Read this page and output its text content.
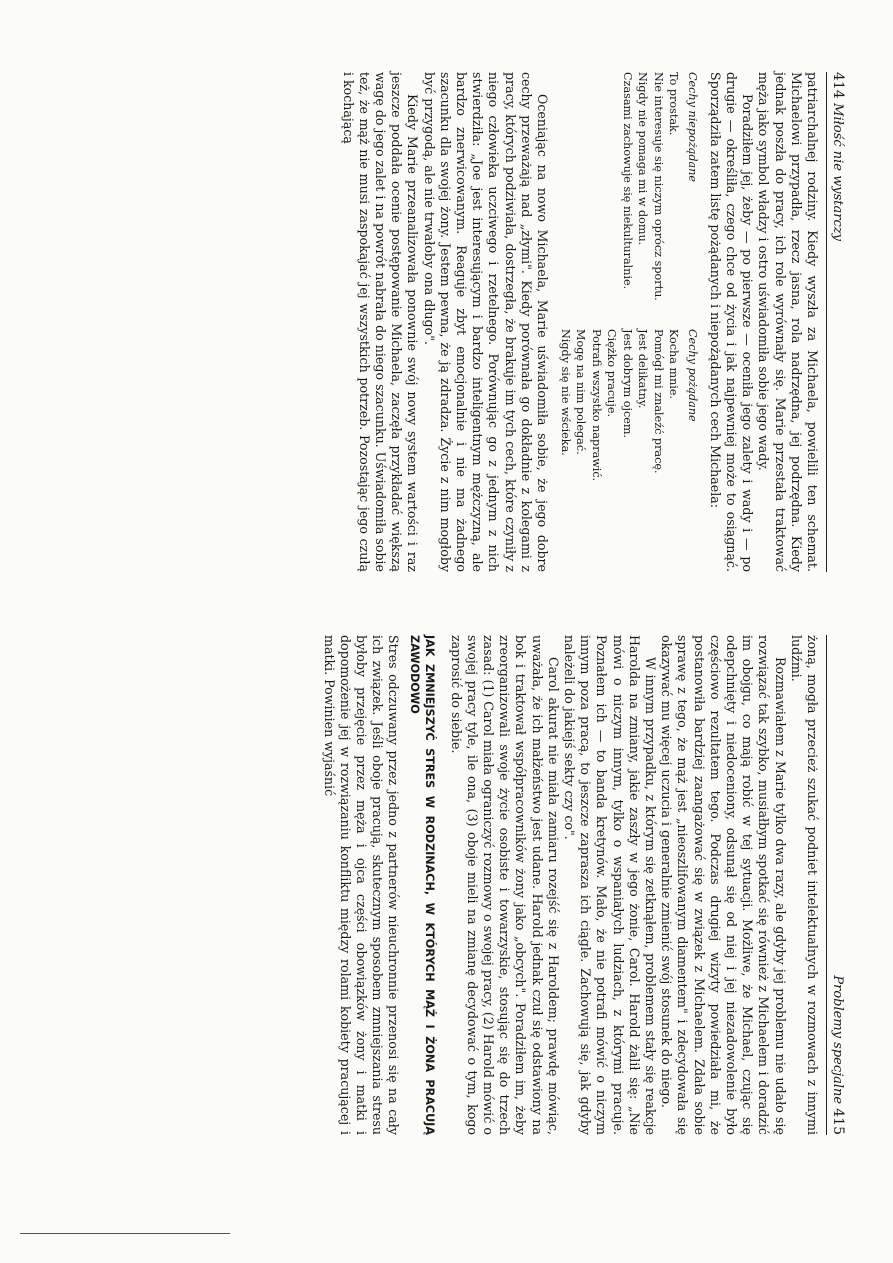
414 Miłość nie wystarczy

patriarchalnej rodziny. Kiedy wyszła za Michaela, powielili ten schemat. Michaelowi przypadła, rzecz jasna, rola nadrzędna, jej podrzędna. Kiedy jednak poszła do pracy, ich role wyrównały się. Marie przestała traktować męża jako symbol władzy i ostro uświadomiła sobie jego wady.

Poradziłem jej, żeby — po pierwsze — oceniła jego zalety i wady i — po drugie — określiła, czego chce od życia i jak najpewniej może to osiągnąć. Sporządziła zatem listę pożądanych i niepożądanych cech Michaela:

Cechy niepożądane
To prostak.
Nie interesuje się niczym oprócz sportu.
Nigdy nie pomaga mi w domu.
Czasami zachowuje się niekulturalnie.
Cechy pożądane
Kocha mnie.
Pomógł mi znaleźć pracę.
Jest delikatny.
Jest dobrym ojcem.
Ciężko pracuje.
Potrafi wszystko naprawić.
Mogę na nim polegać.
Nigdy się nie wścieka.

Oceniając na nowo Michaela, Marie uświadomiła sobie, że jego dobre cechy przeważają nad „złymi". Kiedy porównała go dokładnie z kolegami z pracy, których podziwiała, dostrzegła, że brakuje im tych cech, które czyniły z niego człowieka uczciwego i rzetelnego. Porównując go z jednym z nich stwierdziła: „Joe jest interesującym i bardzo inteligentnym mężczyzną, ale bardzo znerwicowanym. Reaguje zbyt emocjonalnie i nie ma żadnego szacunku dla swojej żony. Jestem pewna, że ją zdradza. Życie z nim mogłoby być przygodą, ale nie trwałoby ona długo".

Kiedy Marie przeanalizowała ponownie swój nowy system wartości i raz jeszcze poddała ocenie postępowanie Michaela, zaczęła przykładać większą wagę do jego zalet i na powrót nabrała do niego szacunku. Uświadomiła sobie też, że mąż nie musi zaspokajać jej wszystkich potrzeb. Pozostając jego czułą i kochającą

Problemy specjalne 415

żoną, mogła przecież szukać podniet intelektualnych w rozmowach z innymi ludźmi.

Rozmawiałem z Marie tylko dwa razy, ale gdyby jej problemu nie udało się rozwiązać tak szybko, musiałbym spotkać się również z Michaelem i doradzić im obojgu, co mają robić w tej sytuacji. Możliwe, że Michael, czując się odepchnięty i niedoceniony, odsunął się od niej i jej niezadowolenie było częściowo rezultatem tego. Podczas drugiej wizyty powiedziała mi, że postanowiła bardziej zaangażować się w związek z Michaelem. Zdała sobie sprawę z tego, że mąż jest „nieoszlifowanym diamentem" i zdecydowała się okazywać mu więcej uczucia i generalnie zmienić swój stosunek do niego.

W innym przypadku, z którym się zetknąłem, problemem stały się reakcje Harolda na zmiany, jakie zaszły w jego żonie, Carol. Harold żalił się: „Nie mówi o niczym innym, tylko o wspaniałych ludziach, z którymi pracuje. Poznałem ich — to banda kretynów. Mało, że nie potrafi mówić o niczym innym poza pracą, to jeszcze zaprasza ich ciągle. Zachowują się, jak gdyby należeli do jakiejś sekty czy co".

Carol akurat nie miała zamiaru rozejść się z Haroldem; prawdę mówiąc, uważała, że ich małżeństwo jest udane. Harold jednak czuł się odstawiony na bok i traktował współpracowników żony jako „obcych". Poradziłem im, żeby zreorganizowali swoje życie osobiste i towarzyskie, stosując się do trzech zasad: (1) Carol miała ograniczyć rozmowy o swojej pracy, (2) Harold mówić o swojej pracy tyle, ile ona, (3) oboje mieli na zmianę decydować o tym, kogo zaprosić do siebie.

JAK ZMNIEJSZYĆ STRES W RODZINACH, W KTÓRYCH MĄŻ I ŻONA PRACUJĄ ZAWODOWO

Stres odczuwany przez jedno z partnerów nieuchronnie przenosi się na cały ich związek. Jeśli oboje pracują, skutecznym sposobem zmniejszania stresu byłoby przejęcie przez męża i ojca części obowiązków żony i matki i dopomożenie jej w rozwiązaniu konfliktu między rolami kobiety pracującej i matki. Powinien wyjaśnić
